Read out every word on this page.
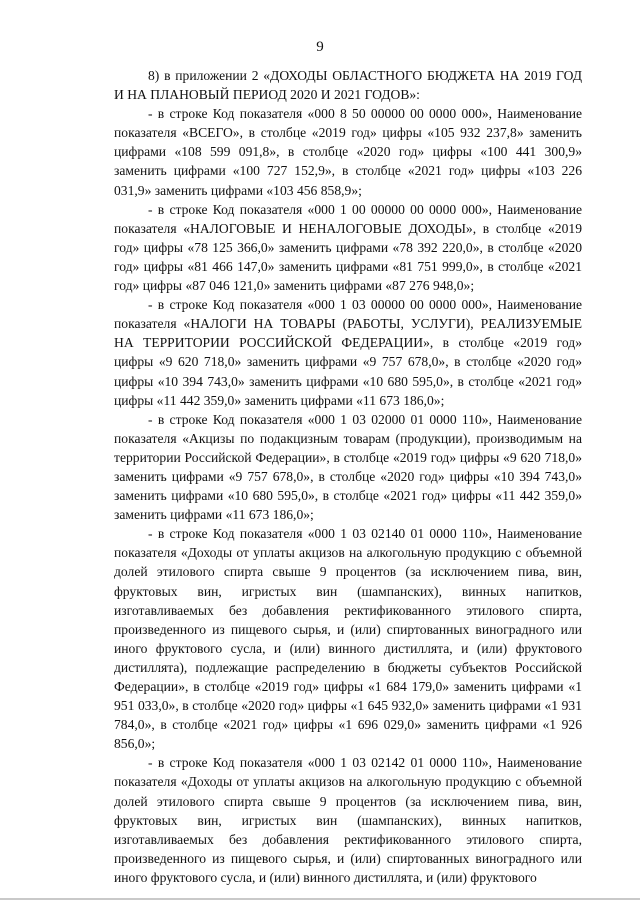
9

8) в приложении 2 «ДОХОДЫ ОБЛАСТНОГО БЮДЖЕТА НА 2019 ГОД И НА ПЛАНОВЫЙ ПЕРИОД 2020 И 2021 ГОДОВ»:

- в строке Код показателя «000 8 50 00000 00 0000 000», Наименование показателя «ВСЕГО», в столбце «2019 год» цифры «105 932 237,8» заменить цифрами «108 599 091,8», в столбце «2020 год» цифры «100 441 300,9» заменить цифрами «100 727 152,9», в столбце «2021 год» цифры «103 226 031,9» заменить цифрами «103 456 858,9»;

- в строке Код показателя «000 1 00 00000 00 0000 000», Наименование показателя «НАЛОГОВЫЕ И НЕНАЛОГОВЫЕ ДОХОДЫ», в столбце «2019 год» цифры «78 125 366,0» заменить цифрами «78 392 220,0», в столбце «2020 год» цифры «81 466 147,0» заменить цифрами «81 751 999,0», в столбце «2021 год» цифры «87 046 121,0» заменить цифрами «87 276 948,0»;

- в строке Код показателя «000 1 03 00000 00 0000 000», Наименование показателя «НАЛОГИ НА ТОВАРЫ (РАБОТЫ, УСЛУГИ), РЕАЛИЗУЕМЫЕ НА ТЕРРИТОРИИ РОССИЙСКОЙ ФЕДЕРАЦИИ», в столбце «2019 год» цифры «9 620 718,0» заменить цифрами «9 757 678,0», в столбце «2020 год» цифры «10 394 743,0» заменить цифрами «10 680 595,0», в столбце «2021 год» цифры «11 442 359,0» заменить цифрами «11 673 186,0»;

- в строке Код показателя «000 1 03 02000 01 0000 110», Наименование показателя «Акцизы по подакцизным товарам (продукции), производимым на территории Российской Федерации», в столбце «2019 год» цифры «9 620 718,0» заменить цифрами «9 757 678,0», в столбце «2020 год» цифры «10 394 743,0» заменить цифрами «10 680 595,0», в столбце «2021 год» цифры «11 442 359,0» заменить цифрами «11 673 186,0»;

- в строке Код показателя «000 1 03 02140 01 0000 110», Наименование показателя «Доходы от уплаты акцизов на алкогольную продукцию с объемной долей этилового спирта свыше 9 процентов (за исключением пива, вин, фруктовых вин, игристых вин (шампанских), винных напитков, изготавливаемых без добавления ректификованного этилового спирта, произведенного из пищевого сырья, и (или) спиртованных виноградного или иного фруктового сусла, и (или) винного дистиллята, и (или) фруктового дистиллята), подлежащие распределению в бюджеты субъектов Российской Федерации», в столбце «2019 год» цифры «1 684 179,0» заменить цифрами «1 951 033,0», в столбце «2020 год» цифры «1 645 932,0» заменить цифрами «1 931 784,0», в столбце «2021 год» цифры «1 696 029,0» заменить цифрами «1 926 856,0»;

- в строке Код показателя «000 1 03 02142 01 0000 110», Наименование показателя «Доходы от уплаты акцизов на алкогольную продукцию с объемной долей этилового спирта свыше 9 процентов (за исключением пива, вин, фруктовых вин, игристых вин (шампанских), винных напитков, изготавливаемых без добавления ректификованного этилового спирта, произведенного из пищевого сырья, и (или) спиртованных виноградного или иного фруктового сусла, и (или) винного дистиллята, и (или) фруктового
